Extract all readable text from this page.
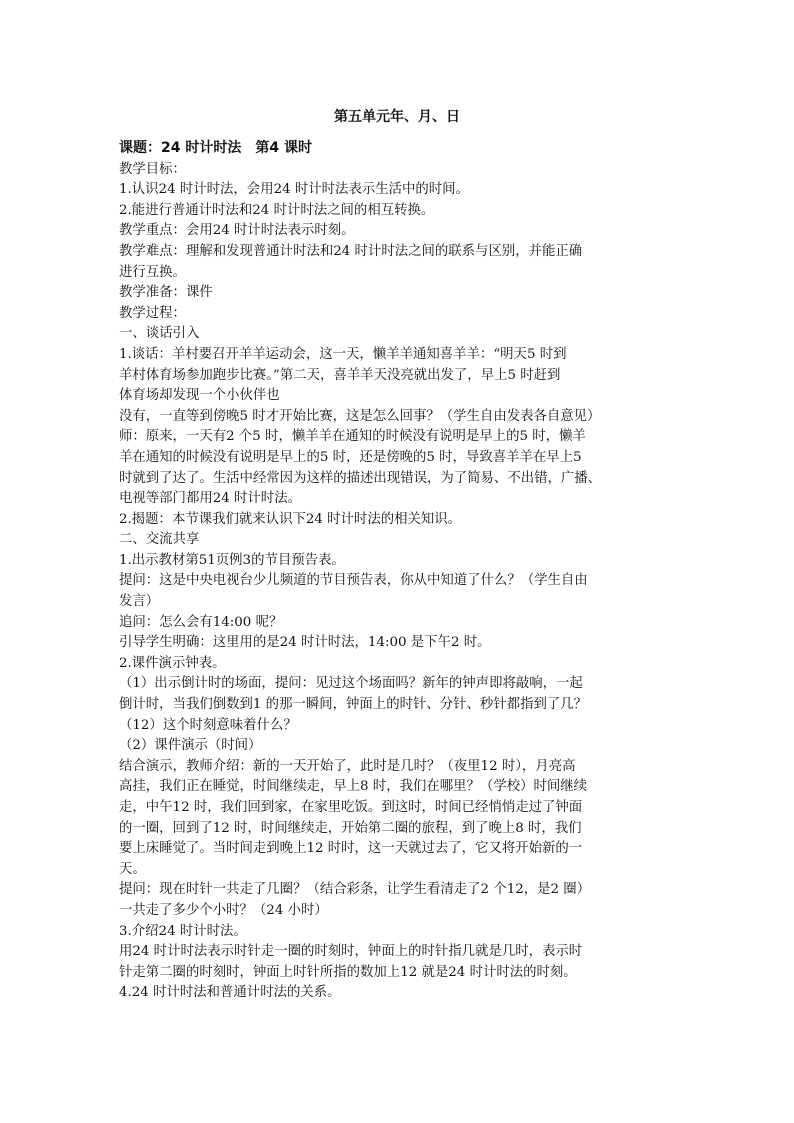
第五单元年、月、日

课题：24 时计时法　第4 课时

教学目标：

1.认识24 时计时法，会用24 时计时法表示生活中的时间。

2.能进行普通计时法和24 时计时法之间的相互转换。

教学重点：会用24 时计时法表示时刻。

教学难点：理解和发现普通计时法和24 时计时法之间的联系与区别，并能正确

进行互换。

教学准备：课件

教学过程：

一、谈话引入

1.谈话：羊村要召开羊羊运动会，这一天，懒羊羊通知喜羊羊：“明天5 时到

羊村体育场参加跑步比赛。”第二天，喜羊羊天没亮就出发了，早上5 时赶到

体育场却发现一个小伙伴也

没有，一直等到傍晚5 时才开始比赛，这是怎么回事？（学生自由发表各自意见）

师：原来，一天有2 个5 时，懒羊羊在通知的时候没有说明是早上的5 时，懒羊

羊在通知的时候没有说明是早上的5 时，还是傍晚的5 时，导致喜羊羊在早上5

时就到了达了。生活中经常因为这样的描述出现错误，为了简易、不出错，广播、

电视等部门都用24 时计时法。

2.揭题：本节课我们就来认识下24 时计时法的相关知识。

二、交流共享

1.出示教材第51页例3的节目预告表。

提问：这是中央电视台少儿频道的节目预告表，你从中知道了什么？（学生自由

发言）

追问：怎么会有14:00 呢？

引导学生明确：这里用的是24 时计时法，14:00 是下午2 时。

2.课件演示钟表。

（1）出示倒计时的场面，提问：见过这个场面吗？新年的钟声即将敲响，一起

倒计时，当我们倒数到1 的那一瞬间，钟面上的时针、分针、秒针都指到了几？

（12）这个时刻意味着什么？

（2）课件演示（时间）

结合演示，教师介绍：新的一天开始了，此时是几时？（夜里12 时），月亮高

高挂，我们正在睡觉，时间继续走，早上8 时，我们在哪里？（学校）时间继续

走，中午12 时，我们回到家，在家里吃饭。到这时，时间已经悄悄走过了钟面

的一圈，回到了12 时，时间继续走，开始第二圈的旅程，到了晚上8 时，我们

要上床睡觉了。当时间走到晚上12 时时，这一天就过去了，它又将开始新的一

天。

提问：现在时针一共走了几圈？（结合彩条，让学生看清走了2 个12，是2 圈）

一共走了多少个小时？（24 小时）

3.介绍24 时计时法。

用24 时计时法表示时针走一圈的时刻时，钟面上的时针指几就是几时，表示时

针走第二圈的时刻时，钟面上时针所指的数加上12 就是24 时计时法的时刻。

4.24 时计时法和普通计时法的关系。
